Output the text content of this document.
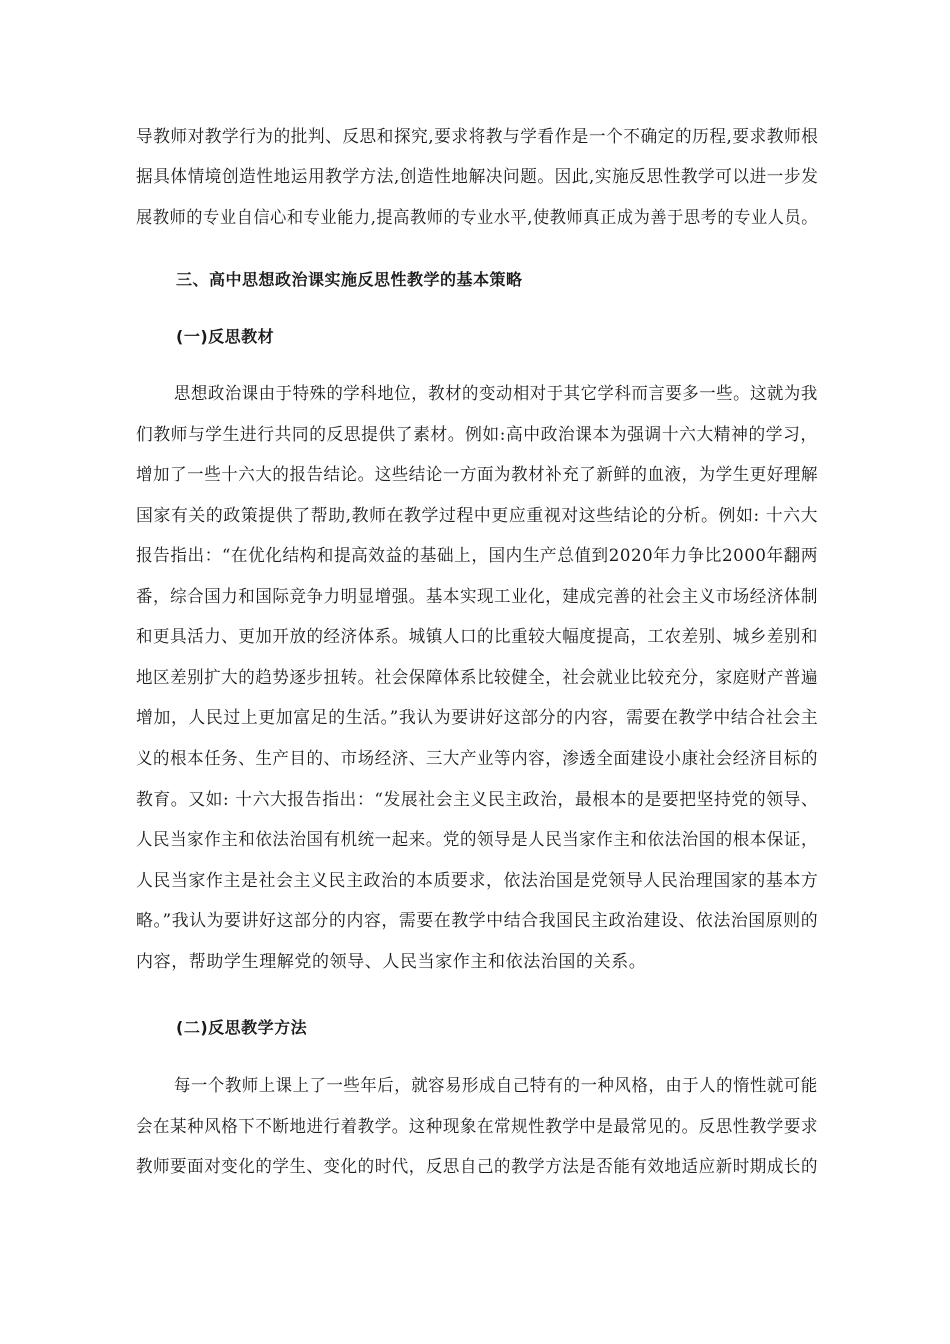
导教师对教学行为的批判、反思和探究,要求将教与学看作是一个不确定的历程,要求教师根
据具体情境创造性地运用教学方法,创造性地解决问题。因此,实施反思性教学可以进一步发
展教师的专业自信心和专业能力,提高教师的专业水平,使教师真正成为善于思考的专业人员。
三、高中思想政治课实施反思性教学的基本策略
(一)反思教材
思想政治课由于特殊的学科地位，教材的变动相对于其它学科而言要多一些。这就为我
们教师与学生进行共同的反思提供了素材。例如:高中政治课本为强调十六大精神的学习，
增加了一些十六大的报告结论。这些结论一方面为教材补充了新鲜的血液，为学生更好理解
国家有关的政策提供了帮助,教师在教学过程中更应重视对这些结论的分析。例如: 十六大
报告指出：“在优化结构和提高效益的基础上，国内生产总值到2020年力争比2000年翻两
番，综合国力和国际竞争力明显增强。基本实现工业化，建成完善的社会主义市场经济体制
和更具活力、更加开放的经济体系。城镇人口的比重较大幅度提高，工农差别、城乡差别和
地区差别扩大的趋势逐步扭转。社会保障体系比较健全，社会就业比较充分，家庭财产普遍
增加，人民过上更加富足的生活。”我认为要讲好这部分的内容，需要在教学中结合社会主
义的根本任务、生产目的、市场经济、三大产业等内容，渗透全面建设小康社会经济目标的
教育。又如: 十六大报告指出：“发展社会主义民主政治，最根本的是要把坚持党的领导、
人民当家作主和依法治国有机统一起来。党的领导是人民当家作主和依法治国的根本保证，
人民当家作主是社会主义民主政治的本质要求，依法治国是党领导人民治理国家的基本方
略。”我认为要讲好这部分的内容，需要在教学中结合我国民主政治建设、依法治国原则的
内容，帮助学生理解党的领导、人民当家作主和依法治国的关系。
(二)反思教学方法
每一个教师上课上了一些年后，就容易形成自己特有的一种风格，由于人的惰性就可能
会在某种风格下不断地进行着教学。这种现象在常规性教学中是最常见的。反思性教学要求
教师要面对变化的学生、变化的时代，反思自己的教学方法是否能有效地适应新时期成长的
